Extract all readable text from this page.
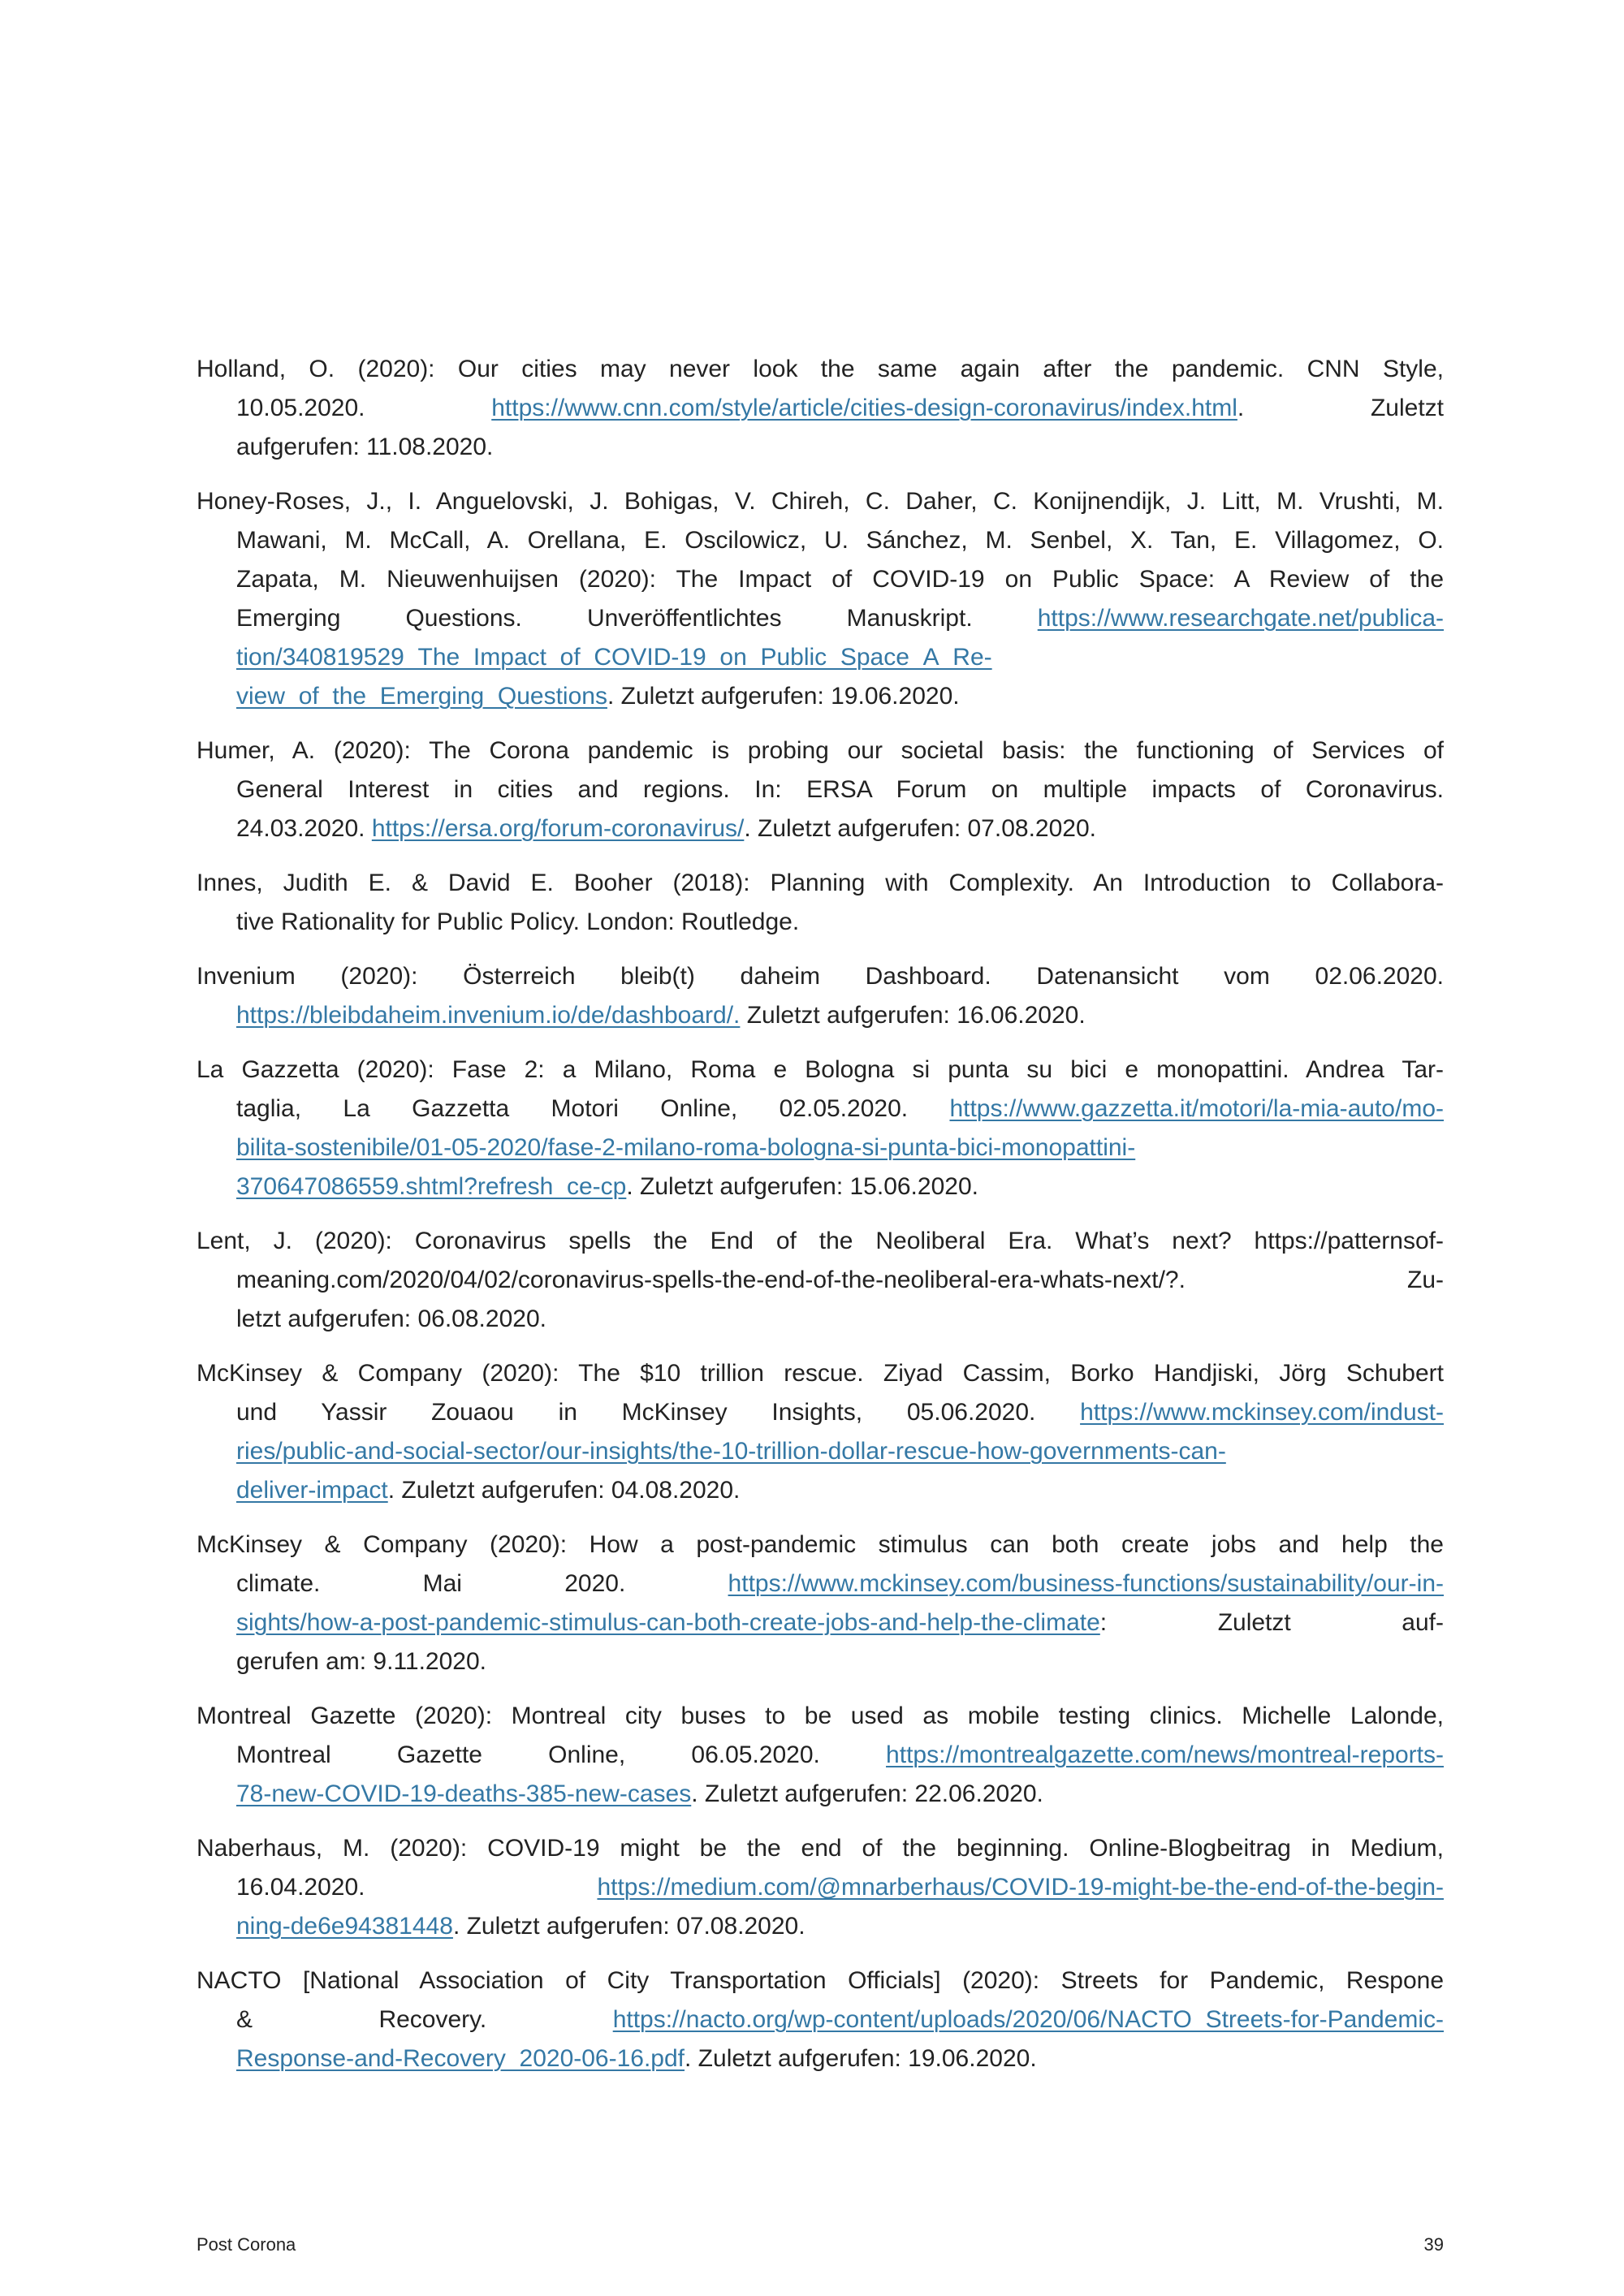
Holland, O. (2020): Our cities may never look the same again after the pandemic. CNN Style,
10.05.2020. https://www.cnn.com/style/article/cities-design-coronavirus/index.html. Zuletzt
aufgerufen: 11.08.2020.
Honey-Roses, J., I. Anguelovski, J. Bohigas, V. Chireh, C. Daher, C. Konijnendijk, J. Litt, M. Vrushti, M.
Mawani, M. McCall, A. Orellana, E. Oscilowicz, U. Sánchez, M. Senbel, X. Tan, E. Villagomez, O.
Zapata, M. Nieuwenhuijsen (2020): The Impact of COVID-19 on Public Space: A Review of the
Emerging Questions. Unveröffentlichtes Manuskript. https://www.researchgate.net/publica-
tion/340819529_The_Impact_of_COVID-19_on_Public_Space_A_Re-
view_of_the_Emerging_Questions. Zuletzt aufgerufen: 19.06.2020.
Humer, A. (2020): The Corona pandemic is probing our societal basis: the functioning of Services of
General Interest in cities and regions. In: ERSA Forum on multiple impacts of Coronavirus.
24.03.2020. https://ersa.org/forum-coronavirus/. Zuletzt aufgerufen: 07.08.2020.
Innes, Judith E. & David E. Booher (2018): Planning with Complexity. An Introduction to Collabora-
tive Rationality for Public Policy. London: Routledge.
Invenium (2020): Österreich bleib(t) daheim Dashboard. Datenansicht vom 02.06.2020.
https://bleibdaheim.invenium.io/de/dashboard/. Zuletzt aufgerufen: 16.06.2020.
La Gazzetta (2020): Fase 2: a Milano, Roma e Bologna si punta su bici e monopattini. Andrea Tar-
taglia, La Gazzetta Motori Online, 02.05.2020. https://www.gazzetta.it/motori/la-mia-auto/mo-
bilita-sostenibile/01-05-2020/fase-2-milano-roma-bologna-si-punta-bici-monopattini-
370647086559.shtml?refresh_ce-cp. Zuletzt aufgerufen: 15.06.2020.
Lent, J. (2020): Coronavirus spells the End of the Neoliberal Era. What’s next? https://patternsof-
meaning.com/2020/04/02/coronavirus-spells-the-end-of-the-neoliberal-era-whats-next/?. Zu-
letzt aufgerufen: 06.08.2020.
McKinsey & Company (2020): The $10 trillion rescue. Ziyad Cassim, Borko Handjiski, Jörg Schubert
und Yassir Zouaou in McKinsey Insights, 05.06.2020. https://www.mckinsey.com/indust-
ries/public-and-social-sector/our-insights/the-10-trillion-dollar-rescue-how-governments-can-
deliver-impact. Zuletzt aufgerufen: 04.08.2020.
McKinsey & Company (2020): How a post-pandemic stimulus can both create jobs and help the
climate. Mai 2020. https://www.mckinsey.com/business-functions/sustainability/our-in-
sights/how-a-post-pandemic-stimulus-can-both-create-jobs-and-help-the-climate: Zuletzt auf-
gerufen am: 9.11.2020.
Montreal Gazette (2020): Montreal city buses to be used as mobile testing clinics. Michelle Lalonde,
Montreal Gazette Online, 06.05.2020. https://montrealgazette.com/news/montreal-reports-
78-new-COVID-19-deaths-385-new-cases. Zuletzt aufgerufen: 22.06.2020.
Naberhaus, M. (2020): COVID-19 might be the end of the beginning. Online-Blogbeitrag in Medium,
16.04.2020. https://medium.com/@mnarberhaus/COVID-19-might-be-the-end-of-the-begin-
ning-de6e94381448. Zuletzt aufgerufen: 07.08.2020.
NACTO [National Association of City Transportation Officials] (2020): Streets for Pandemic, Respone
& Recovery. https://nacto.org/wp-content/uploads/2020/06/NACTO_Streets-for-Pandemic-
Response-and-Recovery_2020-06-16.pdf. Zuletzt aufgerufen: 19.06.2020.
Post Corona	39
